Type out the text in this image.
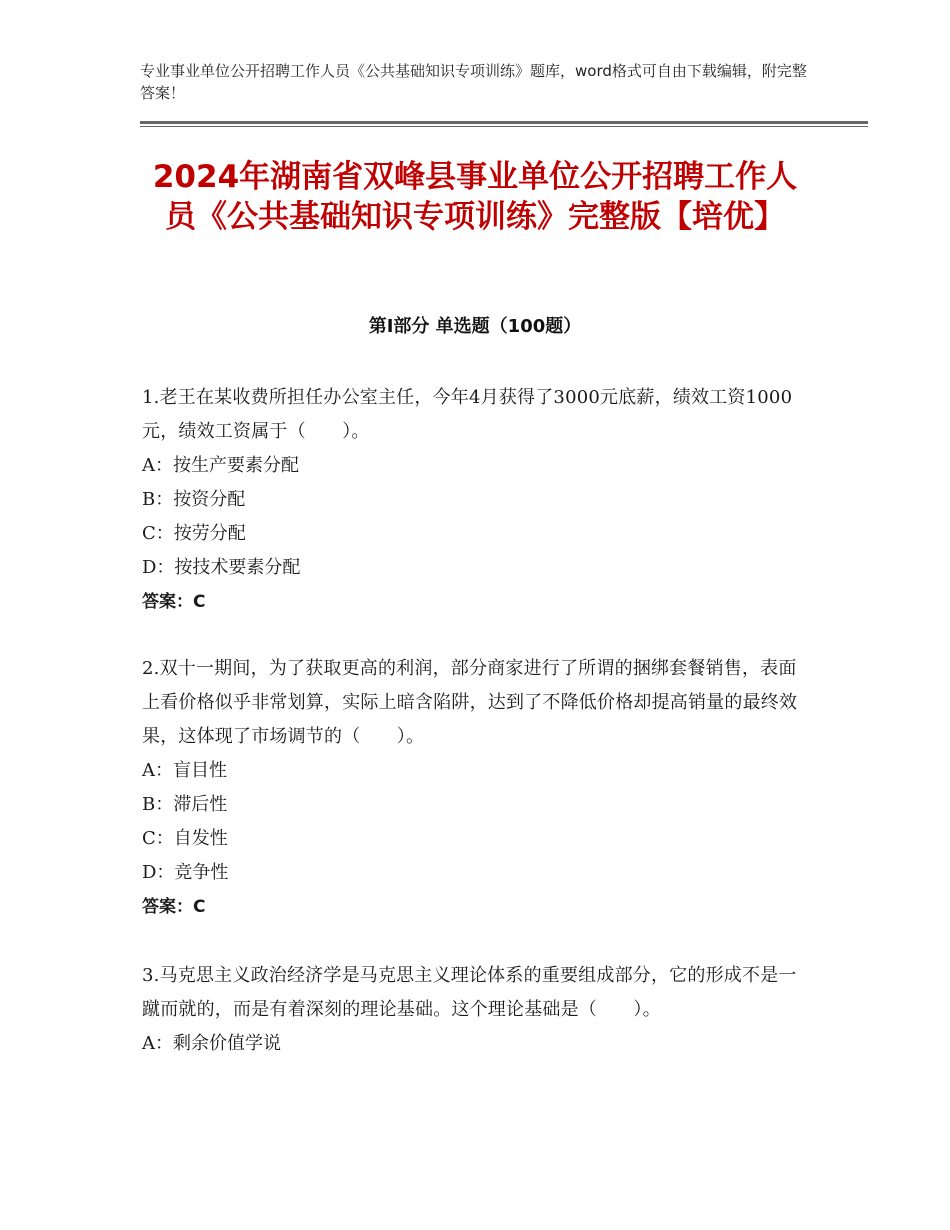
专业事业单位公开招聘工作人员《公共基础知识专项训练》题库，word格式可自由下载编辑，附完整答案！
2024年湖南省双峰县事业单位公开招聘工作人员《公共基础知识专项训练》完整版【培优】
第Ⅰ部分 单选题（100题）

1.老王在某收费所担任办公室主任，今年4月获得了3000元底薪，绩效工资1000元，绩效工资属于（　　）。

A：按生产要素分配

B：按资分配

C：按劳分配

D：按技术要素分配

答案：C

2.双十一期间，为了获取更高的利润，部分商家进行了所谓的捆绑套餐销售，表面上看价格似乎非常划算，实际上暗含陷阱，达到了不降低价格却提高销量的最终效果，这体现了市场调节的（　　）。

A：盲目性

B：滞后性

C：自发性

D：竞争性

答案：C

3.马克思主义政治经济学是马克思主义理论体系的重要组成部分，它的形成不是一蹴而就的，而是有着深刻的理论基础。这个理论基础是（　　）。

A：剩余价值学说
